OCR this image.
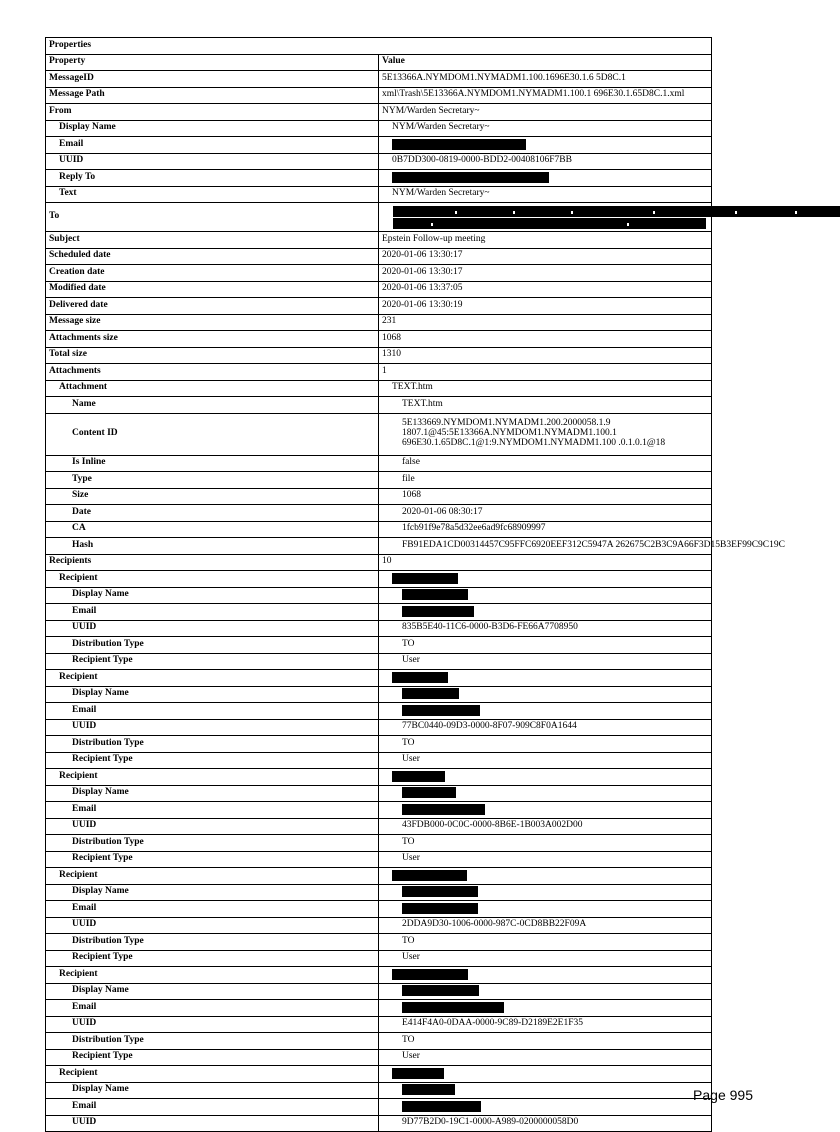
Properties	
Property	Value
MessageID	5E13366A.NYMDOM1.NYMADM1.100.1696E30.1.6 5D8C.1
Message Path	xml\Trash\5E13366A.NYMDOM1.NYMADM1.100.1 696E30.1.65D8C.1.xml
From	NYM/Warden Secretary~
Display Name	NYM/Warden Secretary~
Email	
UUID	0B7DD300-0819-0000-BDD2-00408106F7BB
Reply To	
Text	NYM/Warden Secretary~
To	

Subject	Epstein Follow-up meeting
Scheduled date	2020-01-06 13:30:17
Creation date	2020-01-06 13:30:17
Modified date	2020-01-06 13:37:05
Delivered date	2020-01-06 13:30:19
Message size	231
Attachments size	1068
Total size	1310
Attachments	1
Attachment	TEXT.htm
Name	TEXT.htm
Content ID	5E133669.NYMDOM1.NYMADM1.200.2000058.1.9
1807.1@45:5E13366A.NYMDOM1.NYMADM1.100.1
696E30.1.65D8C.1@1:9.NYMDOM1.NYMADM1.100 .0.1.0.1@18

Is Inline	false
Type	file
Size	1068
Date	2020-01-06 08:30:17
CA	1fcb91f9e78a5d32ee6ad9fc68909997
Hash	FB91EDA1CD00314457C95FFC6920EEF312C5947A 262675C2B3C9A66F3D15B3EF99C9C19C
Recipients	10
Recipient	
Display Name	
Email	
UUID	835B5E40-11C6-0000-B3D6-FE66A7708950
Distribution Type	TO
Recipient Type	User
Recipient	
Display Name	
Email	
UUID	77BC0440-09D3-0000-8F07-909C8F0A1644
Distribution Type	TO
Recipient Type	User
Recipient	
Display Name	
Email	
UUID	43FDB000-0C0C-0000-8B6E-1B003A002D00
Distribution Type	TO
Recipient Type	User
Recipient	
Display Name	
Email	
UUID	2DDA9D30-1006-0000-987C-0CD8BB22F09A
Distribution Type	TO
Recipient Type	User
Recipient	
Display Name	
Email	
UUID	E414F4A0-0DAA-0000-9C89-D2189E2E1F35
Distribution Type	TO
Recipient Type	User
Recipient	
Display Name	
Email	
UUID	9D77B2D0-19C1-0000-A989-0200000058D0
Page 995
